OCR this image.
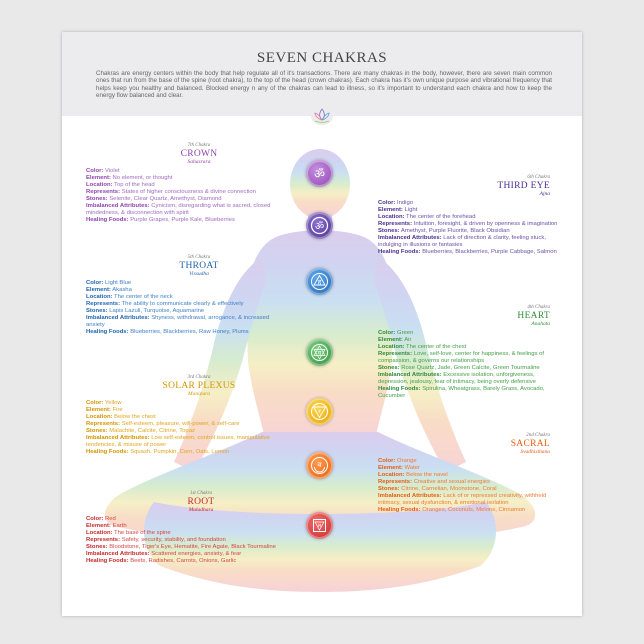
SEVEN CHAKRAS
Chakras are energy centers within the body that help regulate all of it's transactions. There are many chakras in the body, however, there are seven main common ones that run from the base of the spine (root chakra), to the top of the head (crown chakras). Each chakra has it's own unique purpose and vibrational frequency that helps keep you healthy and balanced. Blocked energy n any of the chakras can lead to illness, so it's important to understand each chakra and how to keep the energy flow balanced and clear.
ॐ
ॐ
ह
य
र
व
ल
7th Chakra
CROWN
Sahasrara
Color: Violet
Element: No element, or thought
Location: Top of the head
Represents: States of higher consciousness & divine connection
Stones: Selenite, Clear Quartz, Amethyst, Diamond
Imbalanced Attributes: Cynicism, disregarding what is sacred, closed mindedness, & disconnection with spirit
Healing Foods: Purple Grapes, Purple Kale, Blueberries
6th Chakra
THIRD EYE
Ajna
Color: Indigo
Element: Light
Location: The center of the forehead
Represents: Intuition, foresight, & driven by openness & imagination
Stones: Amethyst, Purple Fluorite, Black Obsidian
Imbalanced Attributes: Lack of direction & clarity, feeling stuck, indulging in illusions or fantasies
Healing Foods: Blueberries, Blackberries, Purple Cabbage, Salmon
5th Chakra
THROAT
Vissudha
Color: Light Blue
Element: Akasha
Location: The center of the neck
Represents: The ability to communicate clearly & effectively
Stones: Lapis Lazuli, Turquoise, Aquamarine
Imbalanced Attributes: Shyness, withdrawal, arrogance, & increased anxiety
Healing Foods: Blueberries, Blackberries, Raw Honey, Plums
4th Chakra
HEART
Anahata
Color: Green
Element: Air
Location: The center of the chest
Represents: Love, self-love, center for happiness, & feelings of compassion, & governs our relationships
Stones: Rose Quartz, Jade, Green Calcite, Green Tourmaline
Imbalanced Attributes: Excessive isolation, unforgiveness, depression, jealousy, fear of intimacy, being overly defensive
Healing Foods: Spirulina, Wheatgrass, Barely Grass, Avocado, Cucumber
3rd Chakra
SOLAR PLEXUS
Manipura
Color: Yellow
Element: Fire
Location: Below the chest
Represents: Self-esteem, pleasure, will-power, & self-care
Stones: Malachite, Calcite, Citrine, Topaz
Imbalanced Attributes: Low self-esteem, control issues, manipulative tendencies, & misuse of power
Healing Foods: Squash, Pumpkin, Corn, Oats, Lemon
2nd Chakra
SACRAL
Svadhisthana
Color: Orange
Element: Water
Location: Below the navel
Represents: Creative and sexual energies
Stones: Citrine, Carnelian, Moonstone, Coral
Imbalanced Attributes: Lack of or repressed creativity, withheld intimacy, sexual dysfunction, & emotional isolation
Healing Foods: Oranges, Coconuts, Melons, Cinnamon
1st Chakra
ROOT
Muladhara
Color: Red
Element: Earth
Location: The base of the spine
Represents: Safety, security, stability, and foundation
Stones: Bloodstone, Tiger's Eye, Hematite, Fire Agate, Black Tourmaline
Imbalanced Attributes: Scattered energies, anxiety, & fear
Healing Foods: Beets, Radishes, Carrots, Onions, Garlic
